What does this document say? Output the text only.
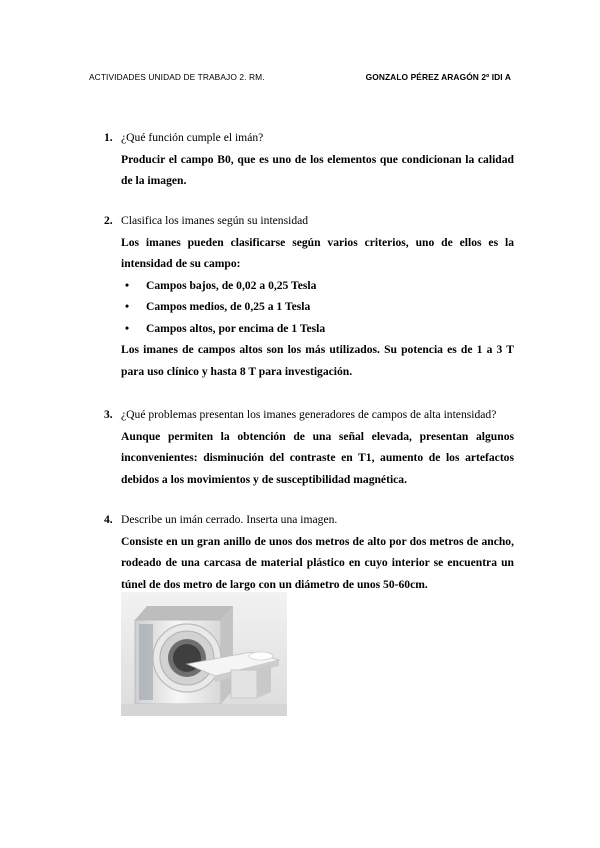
ACTIVIDADES UNIDAD DE TRABAJO 2. RM.	GONZALO PÉREZ ARAGÓN 2º IDI A
1. ¿Qué función cumple el imán?
Producir el campo B0, que es uno de los elementos que condicionan la calidad de la imagen.
2. Clasifica los imanes según su intensidad
Los imanes pueden clasificarse según varios criterios, uno de ellos es la intensidad de su campo:
• Campos bajos, de 0,02 a 0,25 Tesla
• Campos medios, de 0,25 a 1 Tesla
• Campos altos, por encima de 1 Tesla
Los imanes de campos altos son los más utilizados. Su potencia es de 1 a 3 T para uso clínico y hasta 8 T para investigación.
3. ¿Qué problemas presentan los imanes generadores de campos de alta intensidad?
Aunque permiten la obtención de una señal elevada, presentan algunos inconvenientes: disminución del contraste en T1, aumento de los artefactos debidos a los movimientos y de susceptibilidad magnética.
4. Describe un imán cerrado. Inserta una imagen.
Consiste en un gran anillo de unos dos metros de alto por dos metros de ancho, rodeado de una carcasa de material plástico en cuyo interior se encuentra un túnel de dos metro de largo con un diámetro de unos 50-60cm.
